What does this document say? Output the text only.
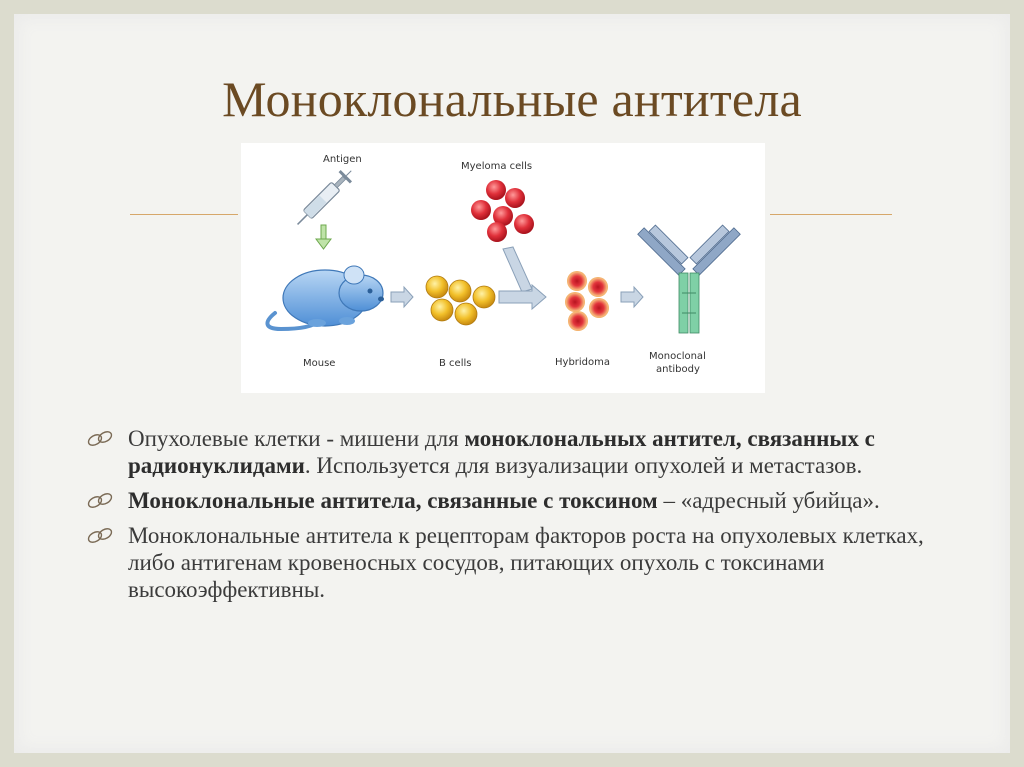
Моноклональные антитела
Antigen
Myeloma cells
Mouse	B cells	Hybridoma
Monoclonal
antibody
Опухолевые клетки - мишени для моноклональных антител, связанных с радионуклидами. Используется для визуализации опухолей и метастазов.
Моноклональные антитела, связанные с токсином – «адресный убийца».
Моноклональные антитела к рецепторам факторов роста на опухолевых клетках, либо антигенам кровеносных сосудов, питающих опухоль с токсинами высокоэффективны.
